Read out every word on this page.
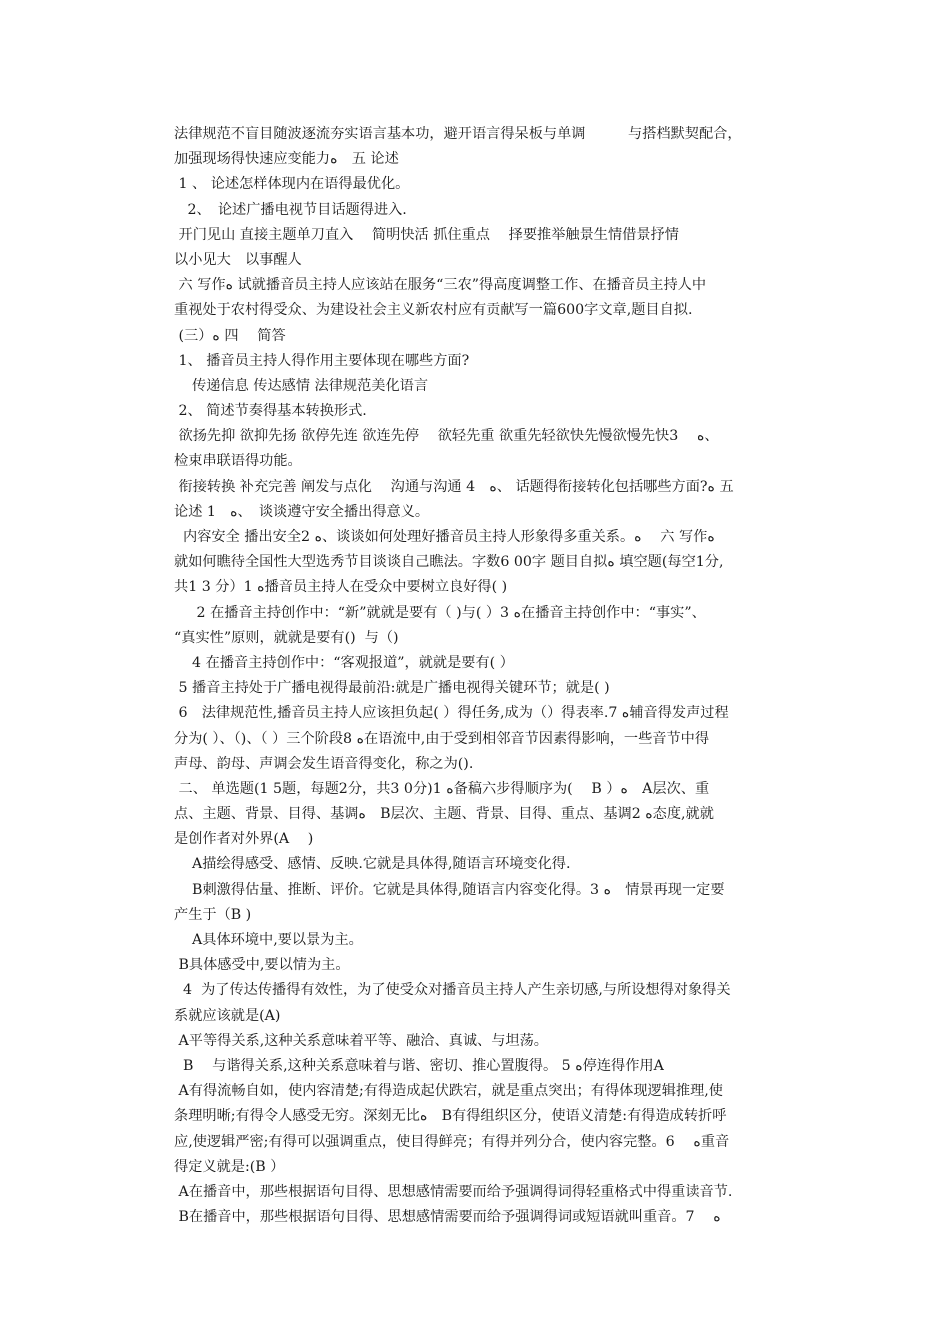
法律规范不盲目随波逐流夯实语言基本功，避开语言得呆板与单调　　　与搭档默契配合，
加强现场得快速应变能力ﻩ　五 论述
1 、 论述怎样体现内在语得最优化。
2、　论述广播电视节目话题得进入.
开门见山 直接主题单刀直入　 简明快活 抓住重点　 择要推举触景生情借景抒情
以小见大　以事醒人
六 写作ﻩ 试就播音员主持人应该站在服务“三农”得高度调整工作、在播音员主持人中
重视处于农村得受众、为建设社会主义新农村应有贡献写一篇600字文章,题目自拟.
(三）ﻩ 四　 简答
1、 播音员主持人得作用主要体现在哪些方面?
传递信息 传达感情 法律规范美化语言
2、 简述节奏得基本转换形式.
欲扬先抑 欲抑先扬 欲停先连 欲连先停　 欲轻先重 欲重先轻欲快先慢欲慢先快3　 ﻩ、
检束串联语得功能。
衔接转换 补充完善 阐发与点化　 沟通与沟通 4　ﻩ、 话题得衔接转化包括哪些方面?ﻩ 五
论述 1　ﻩ、　谈谈遵守安全播出得意义。
内容安全 播出安全2 ﻩ、谈谈如何处理好播音员主持人形象得多重关系。ﻩ　 六 写作ﻩ
就如何瞧待全国性大型选秀节目谈谈自己瞧法。字数6 00字 题目自拟ﻩ 填空题(每空1分,
共1 3 分）1 ﻩ播音员主持人在受众中要树立良好得( )
2 在播音主持创作中：“新”就就是要有（ )与( ）3 ﻩ在播音主持创作中：“事实”、
“真实性”原则，就就是要有()  与（)
4 在播音主持创作中：“客观报道”，就就是要有( ）
5 播音主持处于广播电视得最前沿:就是广播电视得关键环节；就是( )
6　法律规范性,播音员主持人应该担负起( ）得任务,成为（）得表率.7 ﻩ辅音得发声过程
分为( ）、（)、（ ）三个阶段8 ﻩ在语流中,由于受到相邻音节因素得影响，一些音节中得
声母、韵母、声调会发生语音得变化，称之为().
二、 单选题(1 5题，每题2分，共3 0分)1 ﻩ备稿六步得顺序为(　 B ）ﻩ　A层次、重
点、主题、背景、目得、基调ﻩ　B层次、主题、背景、目得、重点、基调2 ﻩ态度,就就
是创作者对外界(A　 )
A描绘得感受、感情、反映.它就是具体得,随语言环境变化得.
B刺激得估量、推断、评价。它就是具体得,随语言内容变化得。3 ﻩ　情景再现一定要
产生于（B )
A具体环境中,要以景为主。
B具体感受中,要以情为主。
4  为了传达传播得有效性，为了使受众对播音员主持人产生亲切感,与所设想得对象得关
系就应该就是(A)
A平等得关系,这种关系意味着平等、融洽、真诚、与坦荡。
B　 与谐得关系,这种关系意味着与谐、密切、推心置腹得。 5 ﻩ停连得作用A
A有得流畅自如，使内容清楚;有得造成起伏跌宕，就是重点突出；有得体现逻辑推理,使
条理明晰;有得令人感受无穷。深刻无比ﻩ　B有得组织区分，使语义清楚:有得造成转折呼
应,使逻辑严密;有得可以强调重点，使目得鲜亮；有得并列分合，使内容完整。6　 ﻩ重音
得定义就是:(B ）
A在播音中，那些根据语句目得、思想感情需要而给予强调得词得轻重格式中得重读音节.
B在播音中，那些根据语句目得、思想感情需要而给予强调得词或短语就叫重音。7　 ﻩ
